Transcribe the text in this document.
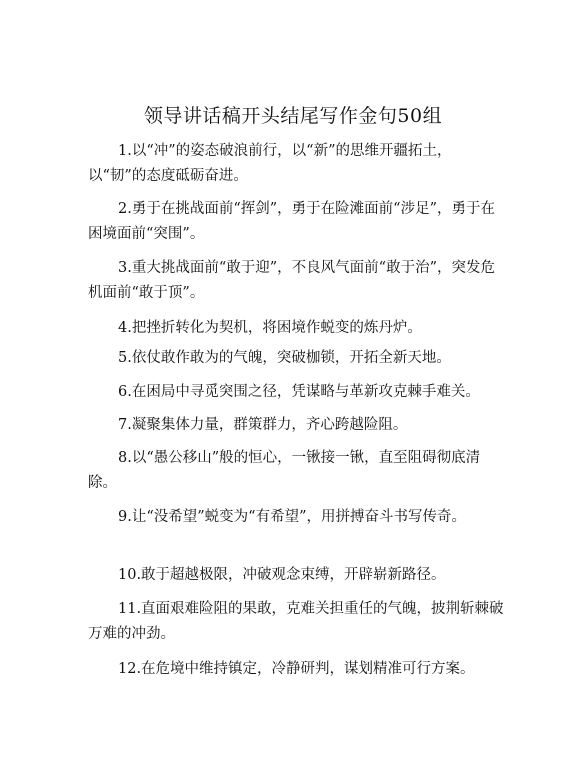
领导讲话稿开头结尾写作金句50组

1.以“冲”的姿态破浪前行，以“新”的思维开疆拓土，以“韧”的态度砥砺奋进。

2.勇于在挑战面前“挥剑”，勇于在险滩面前“涉足”，勇于在困境面前“突围”。

3.重大挑战面前“敢于迎”，不良风气面前“敢于治”，突发危机面前“敢于顶”。

4.把挫折转化为契机，将困境作蜕变的炼丹炉。

5.依仗敢作敢为的气魄，突破枷锁，开拓全新天地。

6.在困局中寻觅突围之径，凭谋略与革新攻克棘手难关。

7.凝聚集体力量，群策群力，齐心跨越险阻。

8.以“愚公移山”般的恒心，一锹接一锹，直至阻碍彻底清除。

9.让“没希望”蜕变为“有希望”，用拼搏奋斗书写传奇。

10.敢于超越极限，冲破观念束缚，开辟崭新路径。

11.直面艰难险阻的果敢，克难关担重任的气魄，披荆斩棘破万难的冲劲。

12.在危境中维持镇定，冷静研判，谋划精准可行方案。
